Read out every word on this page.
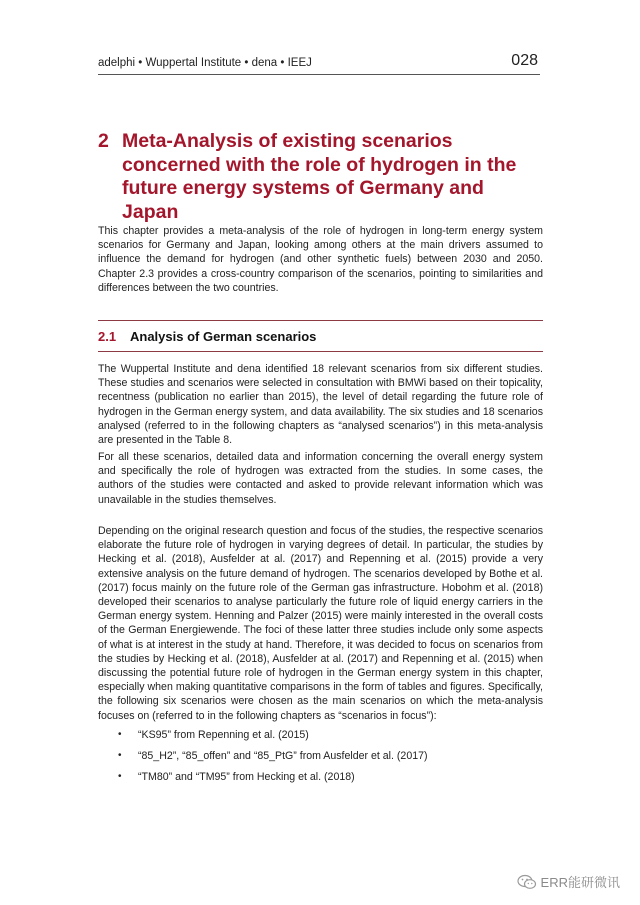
adelphi • Wuppertal Institute • dena • IEEJ	028
2 Meta-Analysis of existing scenarios concerned with the role of hydrogen in the future energy systems of Germany and Japan

This chapter provides a meta-analysis of the role of hydrogen in long-term energy system scenarios for Germany and Japan, looking among others at the main drivers assumed to influence the demand for hydrogen (and other synthetic fuels) between 2030 and 2050. Chapter 2.3 provides a cross-country comparison of the scenarios, pointing to similarities and differences between the two countries.

2.1 Analysis of German scenarios

The Wuppertal Institute and dena identified 18 relevant scenarios from six different studies. These studies and scenarios were selected in consultation with BMWi based on their topicality, recentness (publication no earlier than 2015), the level of detail regarding the future role of hydrogen in the German energy system, and data availability. The six studies and 18 scenarios analysed (referred to in the following chapters as “analysed scenarios”) in this meta-analysis are presented in the Table 8.

For all these scenarios, detailed data and information concerning the overall energy system and specifically the role of hydrogen was extracted from the studies. In some cases, the authors of the studies were contacted and asked to provide relevant information which was unavailable in the studies themselves.

Depending on the original research question and focus of the studies, the respective scenarios elaborate the future role of hydrogen in varying degrees of detail. In particular, the studies by Hecking et al. (2018), Ausfelder at al. (2017) and Repenning et al. (2015) provide a very extensive analysis on the future demand of hydrogen. The scenarios developed by Bothe et al. (2017) focus mainly on the future role of the German gas infrastructure. Hobohm et al. (2018) developed their scenarios to analyse particularly the future role of liquid energy carriers in the German energy system. Henning and Palzer (2015) were mainly interested in the overall costs of the German Energiewende. The foci of these latter three studies include only some aspects of what is at interest in the study at hand. Therefore, it was decided to focus on scenarios from the studies by Hecking et al. (2018), Ausfelder at al. (2017) and Repenning et al. (2015) when discussing the potential future role of hydrogen in the German energy system in this chapter, especially when making quantitative comparisons in the form of tables and figures. Specifically, the following six scenarios were chosen as the main scenarios on which the meta-analysis focuses on (referred to in the following chapters as “scenarios in focus”):

• “KS95” from Repenning et al. (2015)
• “85_H2”, “85_offen” and “85_PtG” from Ausfelder et al. (2017)
• “TM80” and “TM95” from Hecking et al. (2018)
ERR能研微讯
